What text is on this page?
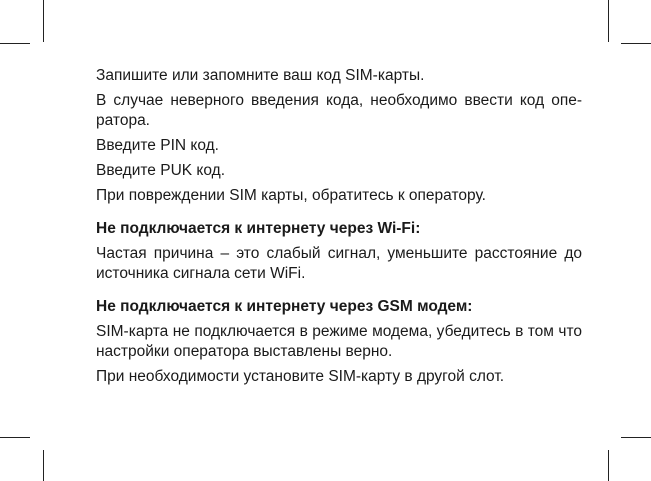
Запишите или запомните ваш код SIM-карты.

В случае неверного введения кода, необходимо ввести код опе-ратора.

Введите PIN код.

Введите PUK код.

При повреждении SIM карты, обратитесь к оператору.

Не подключается к интернету через Wi-Fi:

Частая причина – это слабый сигнал, уменьшите расстояние до источника сигнала сети WiFi.

Не подключается к интернету через GSM модем:

SIM-карта не подключается в режиме модема, убедитесь в том что настройки оператора выставлены верно.

При необходимости установите SIM-карту в другой слот.
